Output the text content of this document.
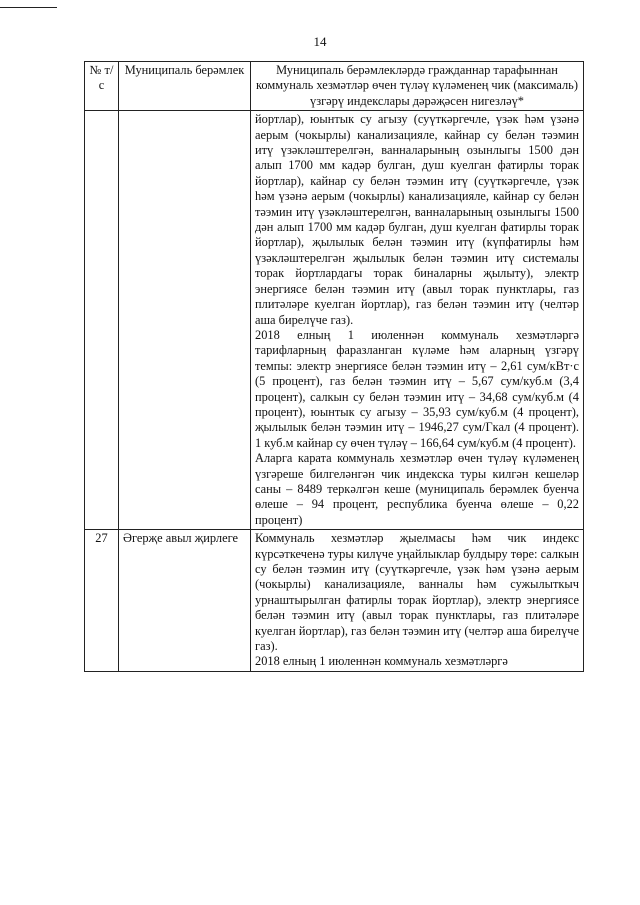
14
№ т/с	Муниципаль берәмлек	Муниципаль берәмлекләрдә гражданнар тарафыннан коммуналь хезмәтләр өчен түләү күләменең чик (максималь) үзгәрү индекслары дәрәҗәсен нигезләү*

		йортлар), юынтык су агызу (суүткәргечле, үзәк һәм үзәнә аерым (чокырлы) канализацияле, кайнар су белән тәэмин итү үзәкләштерелгән, ванналарының озынлыгы 1500 дән алып 1700 мм кадәр булган, душ куелган фатирлы торак йортлар), кайнар су белән тәэмин итү (суүткәргечле, үзәк һәм үзәнә аерым (чокырлы) канализацияле, кайнар су белән тәэмин итү үзәкләштерелгән, ванналарының озынлыгы 1500 дән алып 1700 мм кадәр булган, душ куелган фатирлы торак йортлар), җылылык белән тәэмин итү (күпфатирлы һәм үзәкләштерелгән җылылык белән тәэмин итү системалы торак йортлардагы торак биналарны җылыту), электр энергиясе белән тәэмин итү (авыл торак пунктлары, газ плитәләре куелган йортлар), газ белән тәэмин итү (челтәр аша бирелүче газ).

2018 елның 1 июленнән коммуналь хезмәтләргә тарифларның фаразланган күләме һәм аларның үзгәрү темпы: электр энергиясе белән тәэмин итү – 2,61 сум/кВт·с (5 процент), газ белән тәэмин итү – 5,67 сум/куб.м (3,4 процент), салкын су белән тәэмин итү – 34,68 сум/куб.м (4 процент), юынтык су агызу – 35,93 сум/куб.м (4 процент), җылылык белән тәэмин итү – 1946,27 сум/Гкал (4 процент). 1 куб.м кайнар су өчен түләү – 166,64 сум/куб.м (4 процент).

Аларга карата коммуналь хезмәтләр өчен түләү күләменең үзгәреше билгеләнгән чик индекска туры килгән кешеләр саны – 8489 теркәлгән кеше (муниципаль берәмлек буенча өлеше – 94 процент, республика буенча өлеше – 0,22 процент)

27	Әгерҗе авыл җирлеге	Коммуналь хезмәтләр җыелмасы һәм чик индекс күрсәткеченә туры килүче уңайлыклар булдыру төре: салкын су белән тәэмин итү (суүткәргечле, үзәк һәм үзәнә аерым (чокырлы) канализацияле, ванналы һәм сужылыткыч урнаштырылган фатирлы торак йортлар), электр энергиясе белән тәэмин итү (авыл торак пунктлары, газ плитәләре куелган йортлар), газ белән тәэмин итү (челтәр аша бирелүче газ).

2018 елның 1 июленнән коммуналь хезмәтләргә
